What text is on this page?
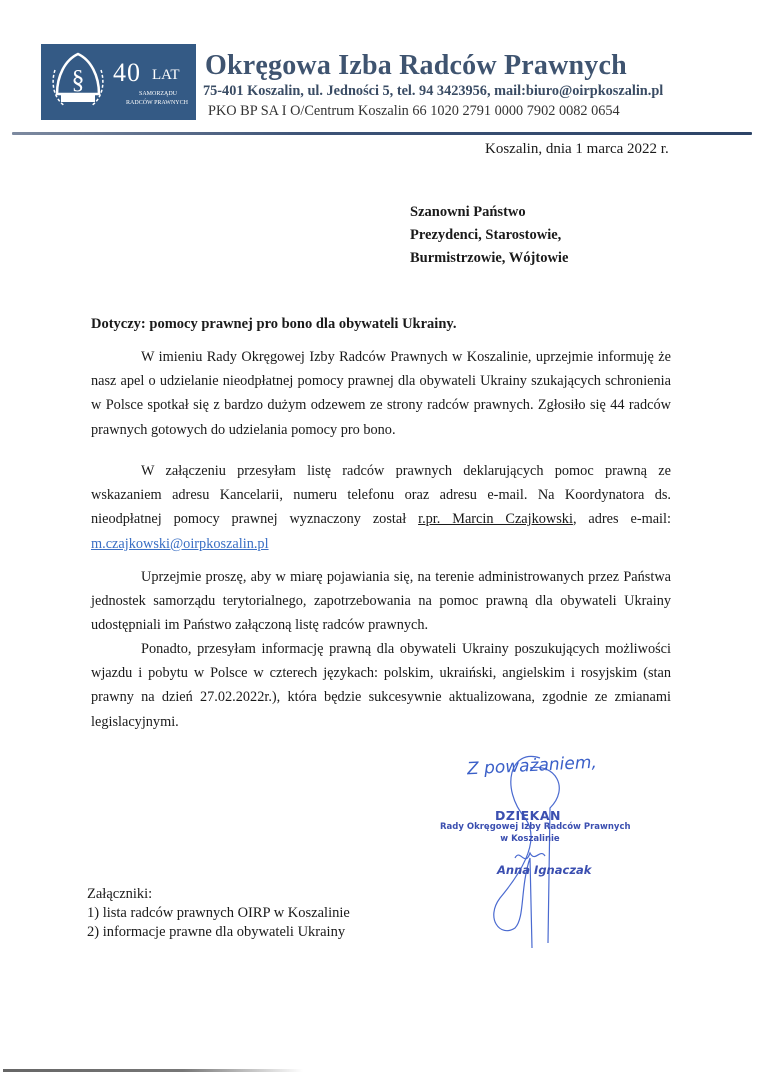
§ 40 LAT
SAMORZĄDU
RADCÓW PRAWNYCH
Okręgowa Izba Radców Prawnych
75-401 Koszalin, ul. Jedności 5, tel. 94 3423956, mail:biuro@oirpkoszalin.pl
PKO BP SA I O/Centrum Koszalin 66 1020 2791 0000 7902 0082 0654
Koszalin, dnia 1 marca 2022 r.
Szanowni Państwo
Prezydenci, Starostowie,
Burmistrzowie, Wójtowie
Dotyczy: pomocy prawnej pro bono dla obywateli Ukrainy.
W imieniu Rady Okręgowej Izby Radców Prawnych w Koszalinie, uprzejmie informuję że nasz apel o udzielanie nieodpłatnej pomocy prawnej dla obywateli Ukrainy szukających schronienia w Polsce spotkał się z bardzo dużym odzewem ze strony radców prawnych. Zgłosiło się 44 radców prawnych gotowych do udzielania pomocy pro bono.
W załączeniu przesyłam listę radców prawnych deklarujących pomoc prawną ze wskazaniem adresu Kancelarii, numeru telefonu oraz adresu e-mail. Na Koordynatora ds. nieodpłatnej pomocy prawnej wyznaczony został r.pr. Marcin Czajkowski, adres e-mail: m.czajkowski@oirpkoszalin.pl
Uprzejmie proszę, aby w miarę pojawiania się, na terenie administrowanych przez Państwa jednostek samorządu terytorialnego, zapotrzebowania na pomoc prawną dla obywateli Ukrainy udostępniali im Państwo załączoną listę radców prawnych.
Ponadto, przesyłam informację prawną dla obywateli Ukrainy poszukujących możliwości wjazdu i pobytu w Polsce w czterech językach: polskim, ukraiński, angielskim i rosyjskim (stan prawny na dzień 27.02.2022r.), która będzie sukcesywnie aktualizowana, zgodnie ze zmianami legislacyjnymi.
Z poważaniem,
DZIEKAN
Rady Okręgowej Izby Radców Prawnych
w Koszalinie
Anna Ignaczak
Załączniki:
1) lista radców prawnych OIRP w Koszalinie
2) informacje prawne dla obywateli Ukrainy
